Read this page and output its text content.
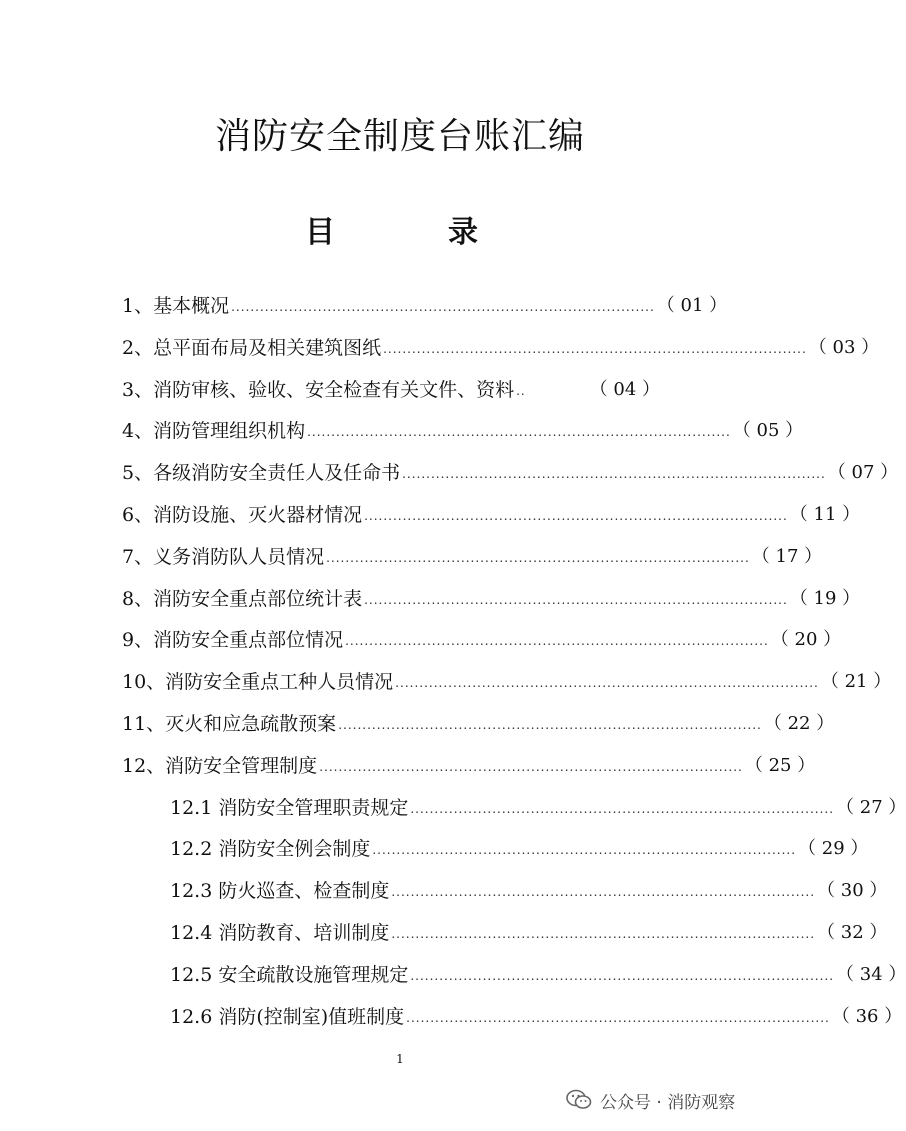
消防安全制度台账汇编
目	录
1、基本概况 ........................................................................................ （ 01 ）
2、总平面布局及相关建筑图纸 ........................................................................................ （ 03 ）
3、消防审核、验收、安全检查有关文件、资料 ..	（ 04 ）
4、消防管理组织机构 ........................................................................................ （ 05 ）
5、各级消防安全责任人及任命书 ........................................................................................ （ 07 ）
6、消防设施、灭火器材情况 ........................................................................................ （ 11 ）
7、义务消防队人员情况 ........................................................................................ （ 17 ）
8、消防安全重点部位统计表 ........................................................................................ （ 19 ）
9、消防安全重点部位情况 ........................................................................................ （ 20 ）
10、消防安全重点工种人员情况 ........................................................................................ （ 21 ）
11、灭火和应急疏散预案 ........................................................................................ （ 22 ）
12、消防安全管理制度 ........................................................................................ （ 25 ）
12.1 消防安全管理职责规定 ........................................................................................ （ 27 ）
12.2 消防安全例会制度 ........................................................................................ （ 29 ）
12.3 防火巡查、检查制度 ........................................................................................ （ 30 ）
12.4 消防教育、培训制度 ........................................................................................ （ 32 ）
12.5 安全疏散设施管理规定 ........................................................................................ （ 34 ）
12.6 消防(控制室)值班制度 ........................................................................................ （ 36 ）
1
公众号 · 消防观察
